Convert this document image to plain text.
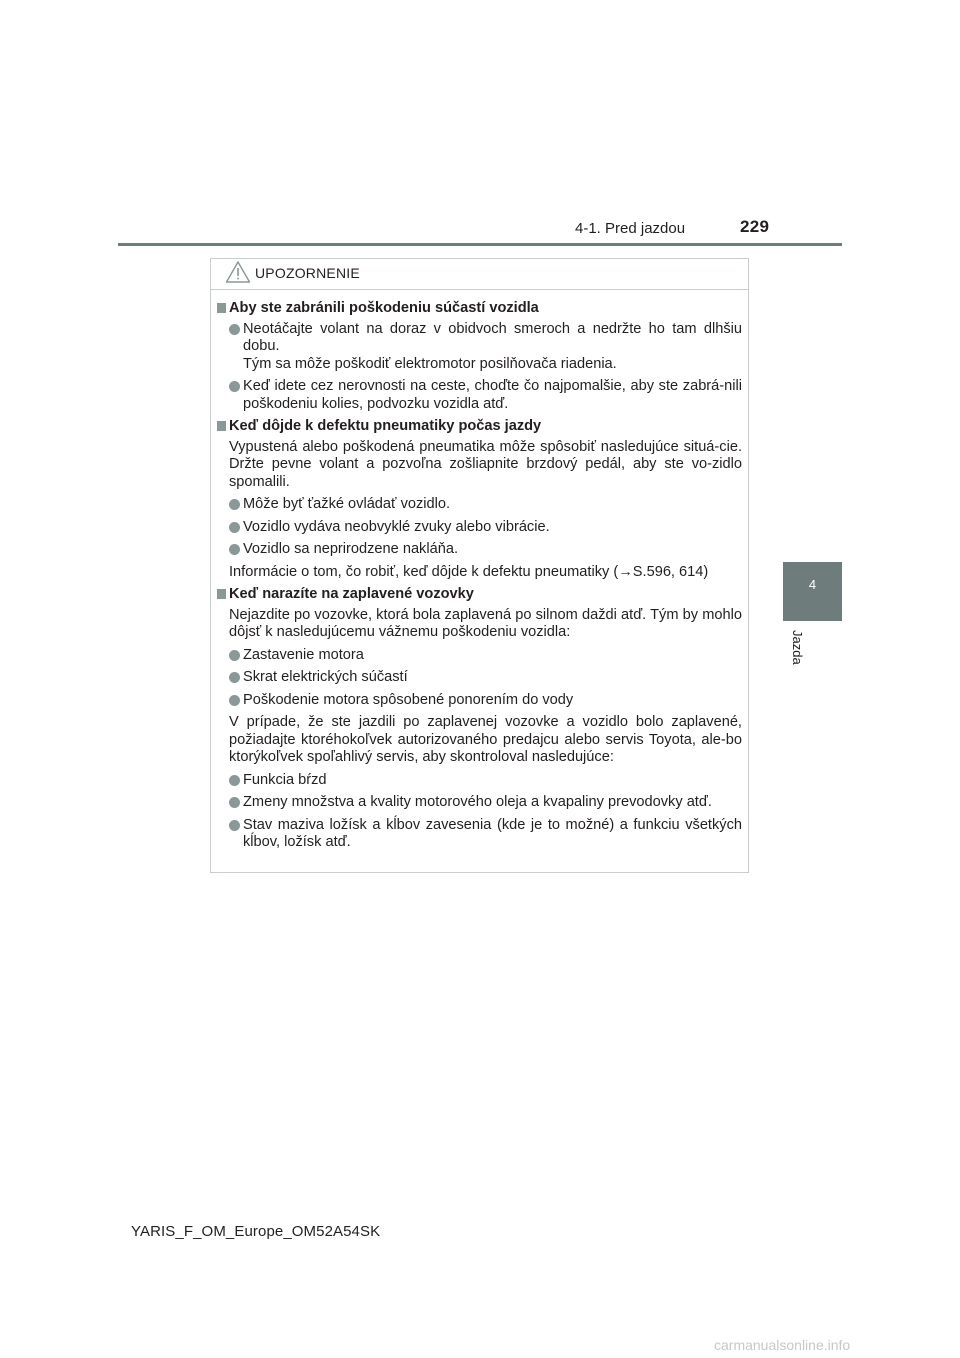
4-1. Pred jazdou	229
4
Jazda
UPOZORNENIE
Aby ste zabránili poškodeniu súčastí vozidla
Neotáčajte volant na doraz v obidvoch smeroch a nedržte ho tam dlhšiu dobu.
Tým sa môže poškodiť elektromotor posilňovača riadenia.
Keď idete cez nerovnosti na ceste, choďte čo najpomalšie, aby ste zabrá-nili poškodeniu kolies, podvozku vozidla atď.
Keď dôjde k defektu pneumatiky počas jazdy
Vypustená alebo poškodená pneumatika môže spôsobiť nasledujúce situá-cie. Držte pevne volant a pozvoľna zošliapnite brzdový pedál, aby ste vo-zidlo spomalili.
Môže byť ťažké ovládať vozidlo.
Vozidlo vydáva neobvyklé zvuky alebo vibrácie.
Vozidlo sa neprirodzene nakláňa.
Informácie o tom, čo robiť, keď dôjde k defektu pneumatiky (→S.596, 614)
Keď narazíte na zaplavené vozovky
Nejazdite po vozovke, ktorá bola zaplavená po silnom daždi atď. Tým by mohlo dôjsť k nasledujúcemu vážnemu poškodeniu vozidla:
Zastavenie motora
Skrat elektrických súčastí
Poškodenie motora spôsobené ponorením do vody
V prípade, že ste jazdili po zaplavenej vozovke a vozidlo bolo zaplavené, požiadajte ktoréhokoľvek autorizovaného predajcu alebo servis Toyota, ale-bo ktorýkoľvek spoľahlivý servis, aby skontroloval nasledujúce:
Funkcia bŕzd
Zmeny množstva a kvality motorového oleja a kvapaliny prevodovky atď.
Stav maziva ložísk a kĺbov zavesenia (kde je to možné) a funkciu všetkých kĺbov, ložísk atď.
YARIS_F_OM_Europe_OM52A54SK
carmanualsonline.info
